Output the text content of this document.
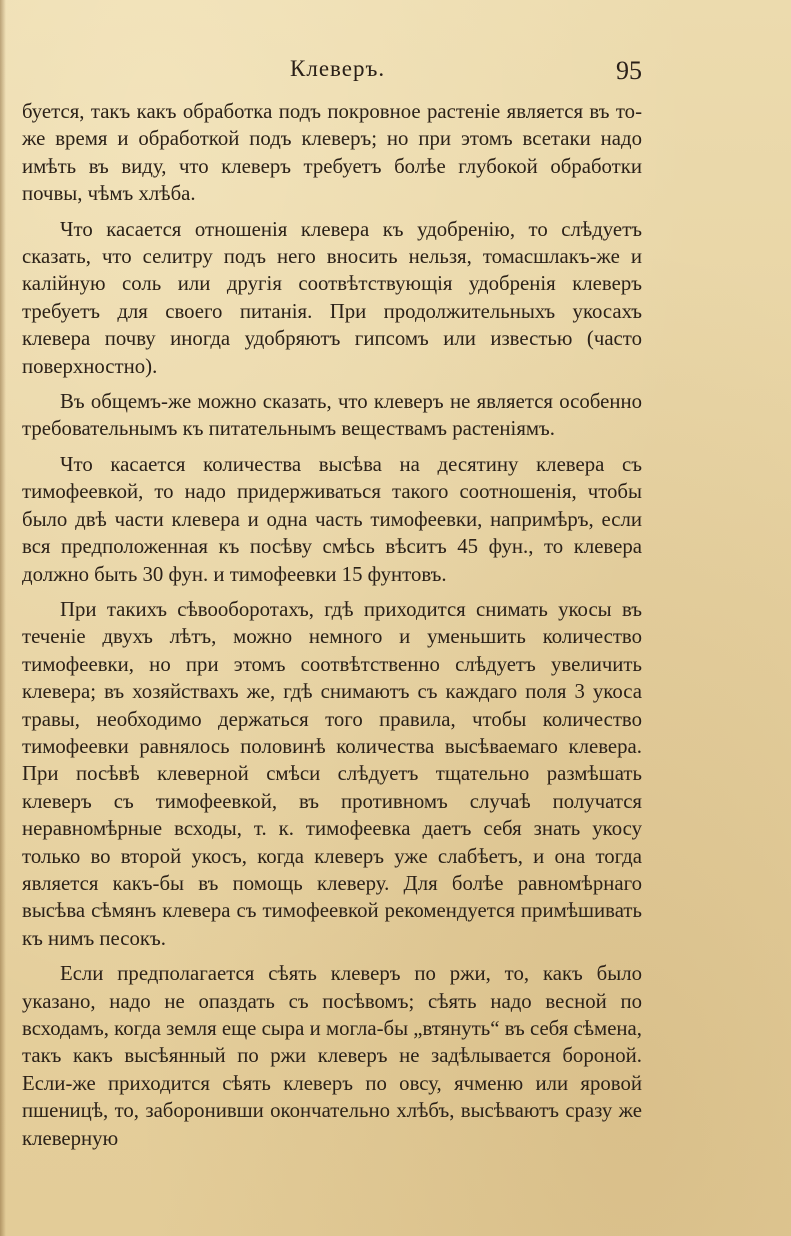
Клеверъ.	95

буется, такъ какъ обработка подъ покровное растеніе является въ то-же время и обработкой подъ клеверъ; но при этомъ всетаки надо имѣть въ виду, что клеверъ требуетъ болѣе глубокой обработки почвы, чѣмъ хлѣба.

Что касается отношенія клевера къ удобренію, то слѣдуетъ сказать, что селитру подъ него вносить нельзя, томасшлакъ-же и калійную соль или другія соотвѣтствующія удобренія клеверъ требуетъ для своего питанія. При продолжительныхъ укосахъ клевера почву иногда удобряютъ гипсомъ или известью (часто поверхностно).

Въ общемъ-же можно сказать, что клеверъ не является особенно требовательнымъ къ питательнымъ веществамъ растеніямъ.

Что касается количества высѣва на десятину клевера съ тимофеевкой, то надо придерживаться такого соотношенія, чтобы было двѣ части клевера и одна часть тимофеевки, напримѣръ, если вся предположенная къ посѣву смѣсь вѣситъ 45 фун., то клевера должно быть 30 фун. и тимофеевки 15 фунтовъ.

При такихъ сѣвооборотахъ, гдѣ приходится снимать укосы въ теченіе двухъ лѣтъ, можно немного и уменьшить количество тимофеевки, но при этомъ соотвѣтственно слѣдуетъ увеличить клевера; въ хозяйствахъ же, гдѣ снимаютъ съ каждаго поля 3 укоса травы, необходимо держаться того правила, чтобы количество тимофеевки равнялось половинѣ количества высѣваемаго клевера. При посѣвѣ клеверной смѣси слѣдуетъ тщательно размѣшать клеверъ съ тимофеевкой, въ противномъ случаѣ получатся неравномѣрные всходы, т. к. тимофеевка даетъ себя знать укосу только во второй укосъ, когда клеверъ уже слабѣетъ, и она тогда является какъ-бы въ помощь клеверу. Для болѣе равномѣрнаго высѣва сѣмянъ клевера съ тимофеевкой рекомендуется примѣшивать къ нимъ песокъ.

Если предполагается сѣять клеверъ по ржи, то, какъ было указано, надо не опаздать съ посѣвомъ; сѣять надо весной по всходамъ, когда земля еще сыра и могла-бы „втянуть“ въ себя сѣмена, такъ какъ высѣянный по ржи клеверъ не задѣлывается бороной. Если-же приходится сѣять клеверъ по овсу, ячменю или яровой пшеницѣ, то, заборонивши окончательно хлѣбъ, высѣваютъ сразу же клеверную
